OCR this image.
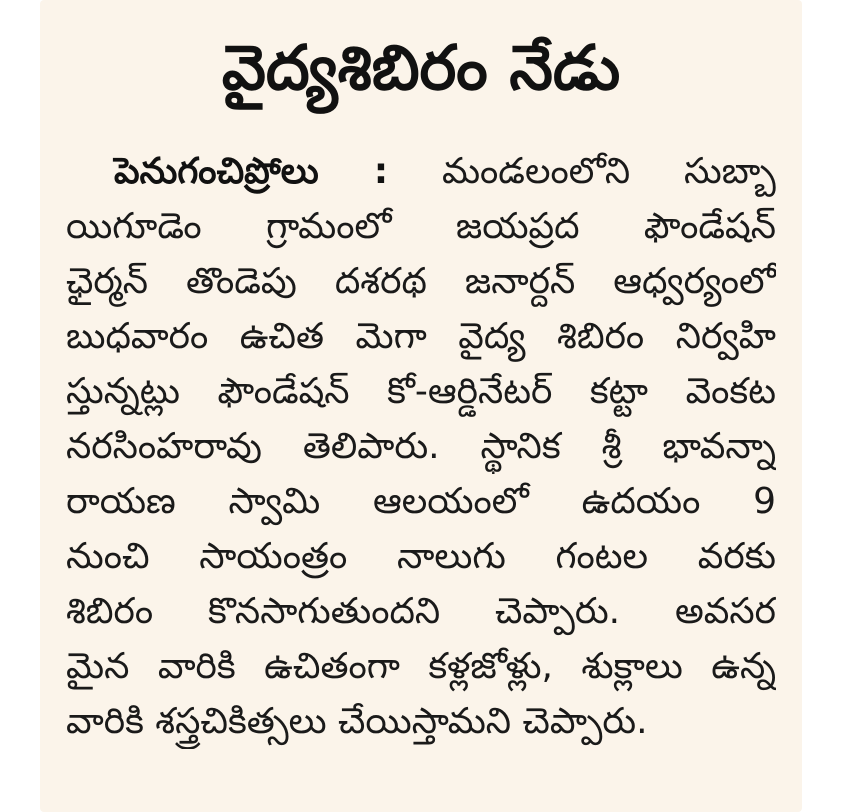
వైద్యశిబిరం నేడు
పెనుగంచిప్రోలు : మండలంలోని సుబ్బా
యిగూడెం గ్రామంలో జయప్రద ఫౌండేషన్
ఛైర్మన్ తొండెపు దశరథ జనార్దన్ ఆధ్వర్యంలో
బుధవారం ఉచిత మెగా వైద్య శిబిరం నిర్వహి
స్తున్నట్లు ఫౌండేషన్ కో-ఆర్డినేటర్ కట్టా వెంకట
నరసింహరావు తెలిపారు. స్థానిక శ్రీ భావన్నా
రాయణ స్వామి ఆలయంలో ఉదయం 9
నుంచి సాయంత్రం నాలుగు గంటల వరకు
శిబిరం కొనసాగుతుందని చెప్పారు. అవసర
మైన వారికి ఉచితంగా కళ్లజోళ్లు, శుక్లాలు ఉన్న
వారికి శస్త్రచికిత్సలు చేయిస్తామని చెప్పారు.
